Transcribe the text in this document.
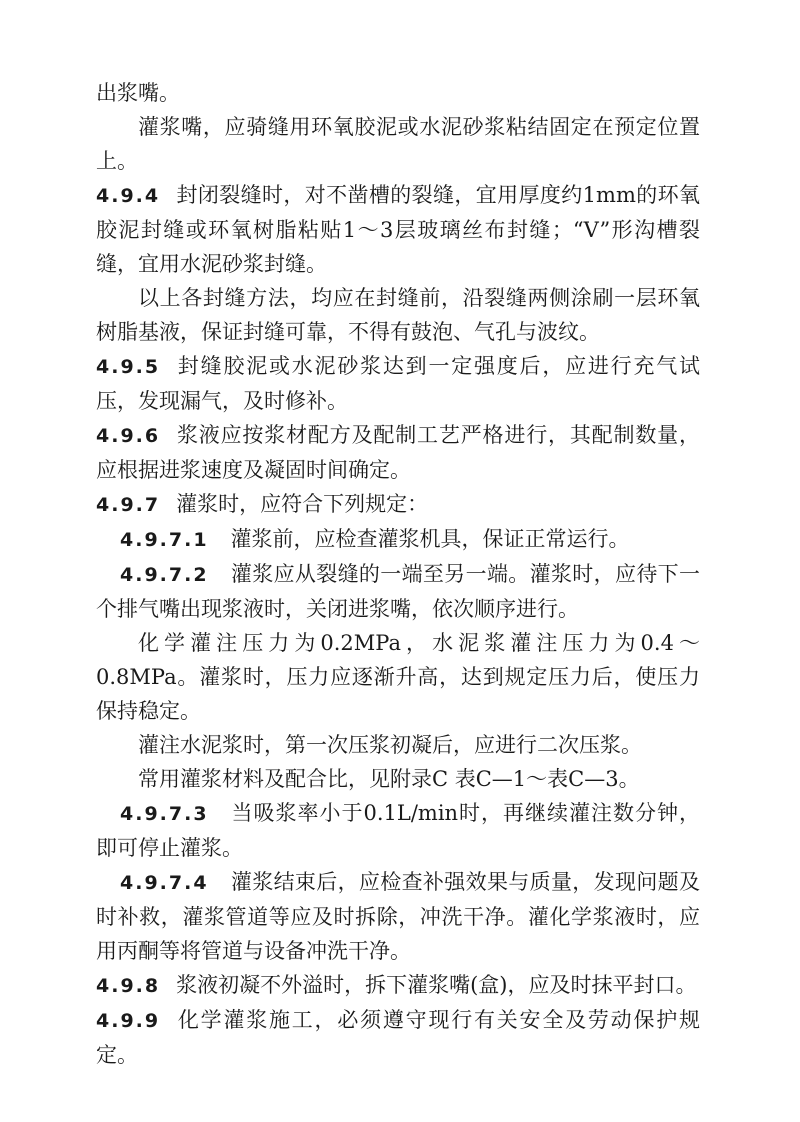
出浆嘴。

灌浆嘴，应骑缝用环氧胶泥或水泥砂浆粘结固定在预定位置上。

4.9.4 封闭裂缝时，对不凿槽的裂缝，宜用厚度约1mm的环氧胶泥封缝或环氧树脂粘贴1～3层玻璃丝布封缝；“V”形沟槽裂缝，宜用水泥砂浆封缝。

以上各封缝方法，均应在封缝前，沿裂缝两侧涂刷一层环氧树脂基液，保证封缝可靠，不得有鼓泡、气孔与波纹。

4.9.5 封缝胶泥或水泥砂浆达到一定强度后，应进行充气试压，发现漏气，及时修补。

4.9.6 浆液应按浆材配方及配制工艺严格进行，其配制数量，应根据进浆速度及凝固时间确定。

4.9.7 灌浆时，应符合下列规定：

4.9.7.1 灌浆前，应检查灌浆机具，保证正常运行。

4.9.7.2 灌浆应从裂缝的一端至另一端。灌浆时，应待下一个排气嘴出现浆液时，关闭进浆嘴，依次顺序进行。

化学灌注压力为0.2MPa，水泥浆灌注压力为0.4～0.8MPa。灌浆时，压力应逐渐升高，达到规定压力后，使压力保持稳定。

灌注水泥浆时，第一次压浆初凝后，应进行二次压浆。

常用灌浆材料及配合比，见附录C 表C—1～表C—3。

4.9.7.3 当吸浆率小于0.1L/min时，再继续灌注数分钟，即可停止灌浆。

4.9.7.4 灌浆结束后，应检查补强效果与质量，发现问题及时补救，灌浆管道等应及时拆除，冲洗干净。灌化学浆液时，应用丙酮等将管道与设备冲洗干净。

4.9.8 浆液初凝不外溢时，拆下灌浆嘴(盒)，应及时抹平封口。

4.9.9 化学灌浆施工，必须遵守现行有关安全及劳动保护规定。
